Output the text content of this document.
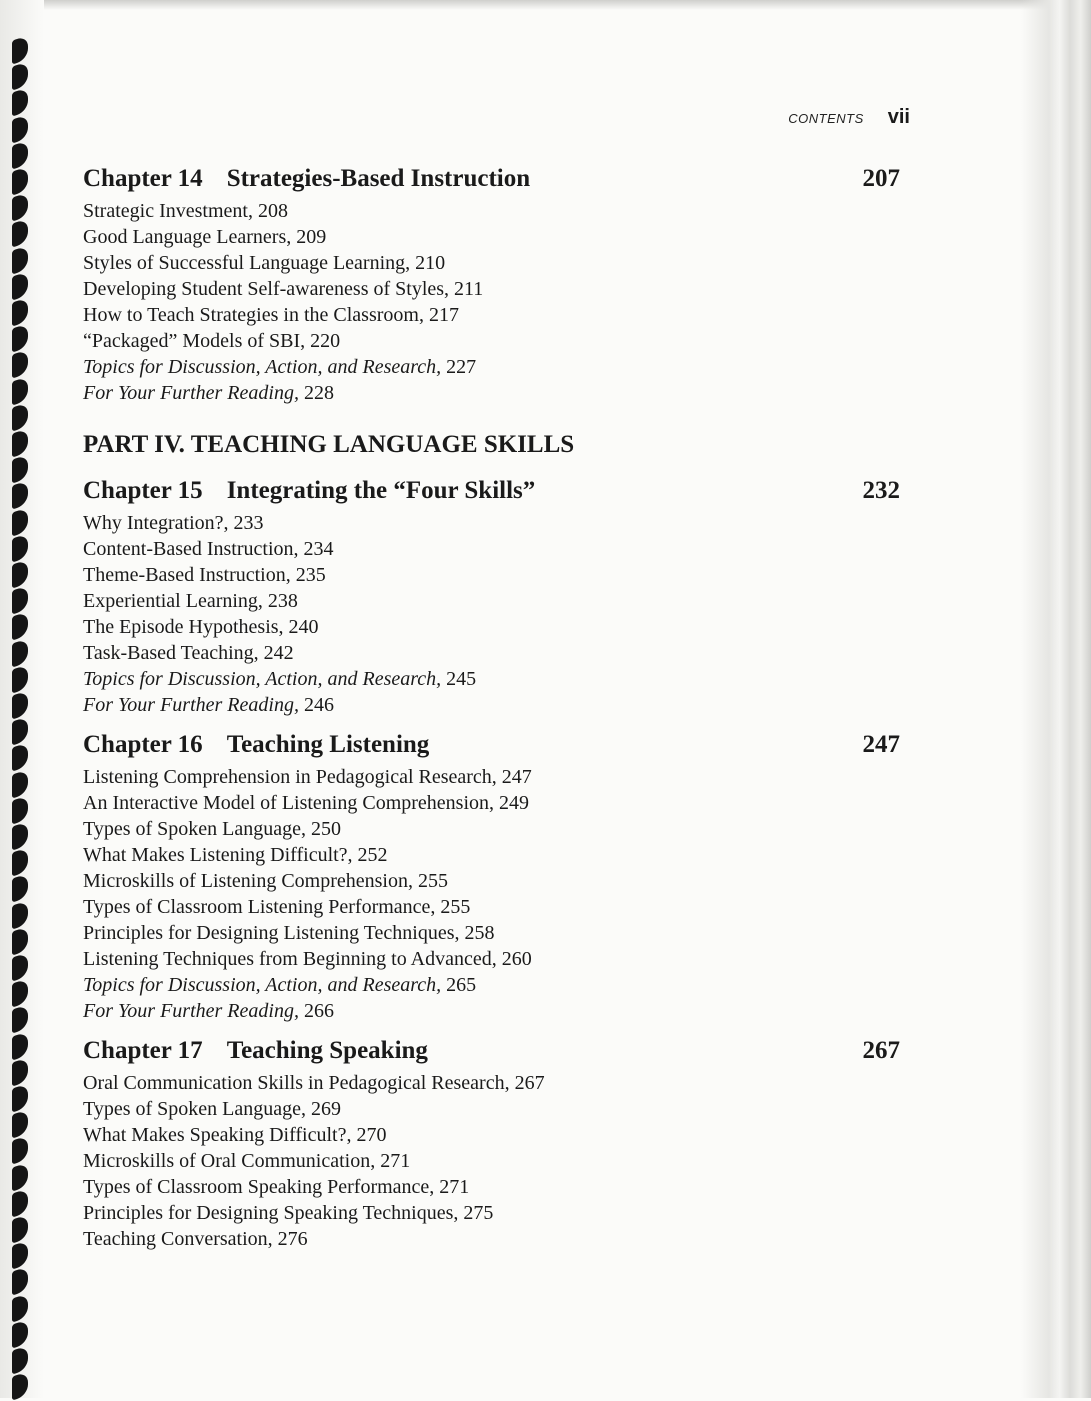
CONTENTS vii
Chapter 14 Strategies-Based Instruction	207
Strategic Investment, 208
Good Language Learners, 209
Styles of Successful Language Learning, 210
Developing Student Self-awareness of Styles, 211
How to Teach Strategies in the Classroom, 217
“Packaged” Models of SBI, 220
Topics for Discussion, Action, and Research, 227
For Your Further Reading, 228
PART IV. TEACHING LANGUAGE SKILLS
Chapter 15 Integrating the “Four Skills”	232
Why Integration?, 233
Content-Based Instruction, 234
Theme-Based Instruction, 235
Experiential Learning, 238
The Episode Hypothesis, 240
Task-Based Teaching, 242
Topics for Discussion, Action, and Research, 245
For Your Further Reading, 246
Chapter 16 Teaching Listening	247
Listening Comprehension in Pedagogical Research, 247
An Interactive Model of Listening Comprehension, 249
Types of Spoken Language, 250
What Makes Listening Difficult?, 252
Microskills of Listening Comprehension, 255
Types of Classroom Listening Performance, 255
Principles for Designing Listening Techniques, 258
Listening Techniques from Beginning to Advanced, 260
Topics for Discussion, Action, and Research, 265
For Your Further Reading, 266
Chapter 17 Teaching Speaking	267
Oral Communication Skills in Pedagogical Research, 267
Types of Spoken Language, 269
What Makes Speaking Difficult?, 270
Microskills of Oral Communication, 271
Types of Classroom Speaking Performance, 271
Principles for Designing Speaking Techniques, 275
Teaching Conversation, 276
